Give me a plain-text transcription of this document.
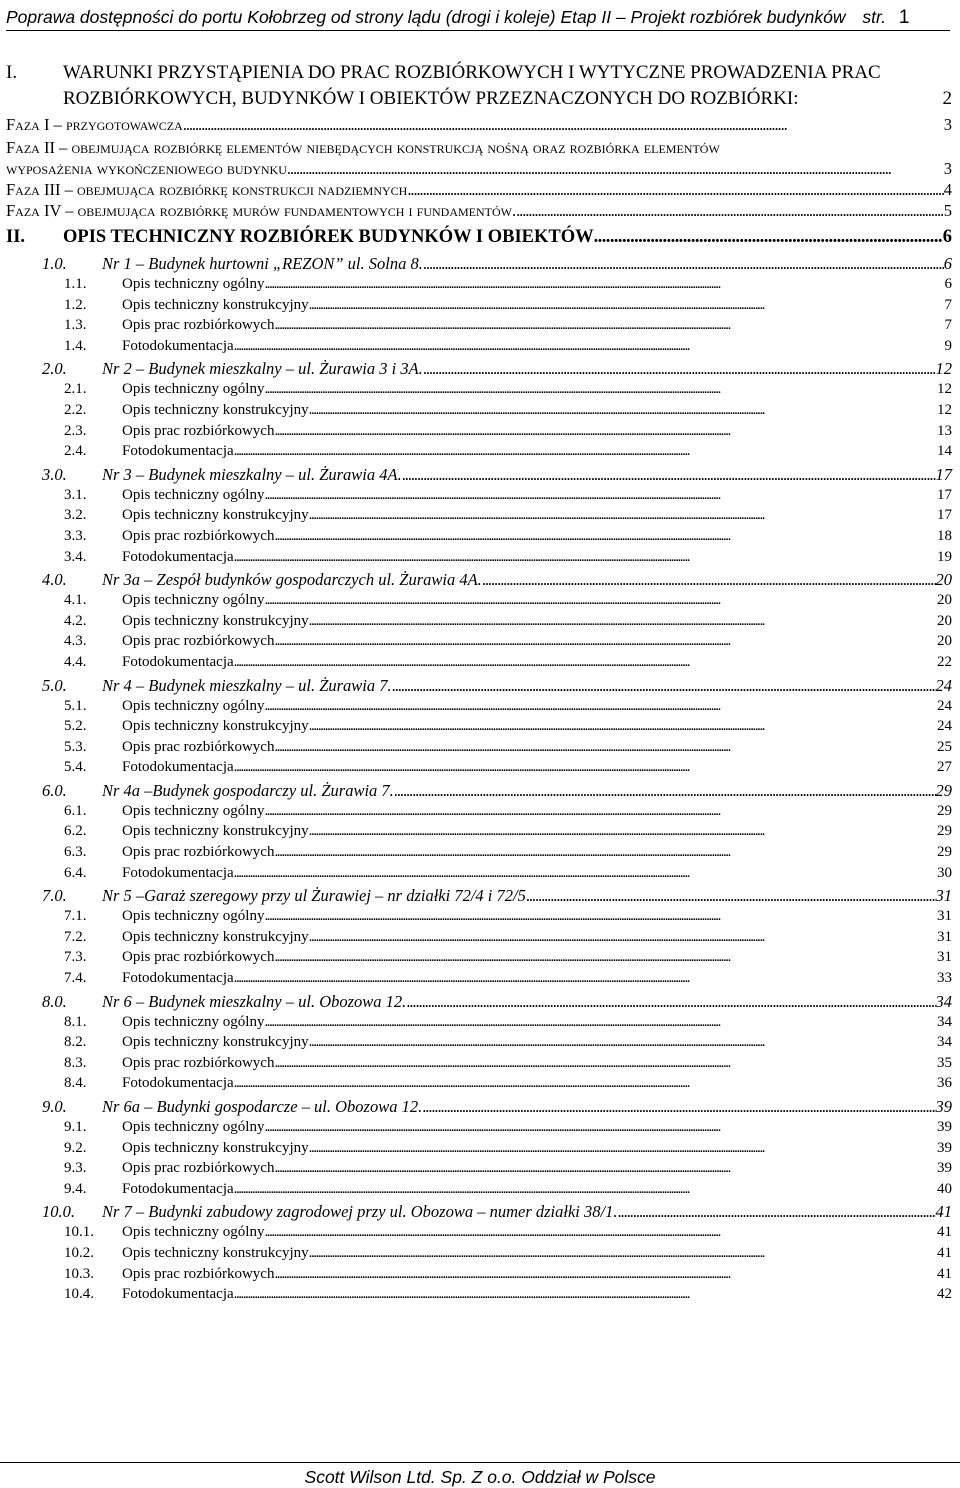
Poprawa dostępności do portu Kołobrzeg od strony lądu (drogi i koleje) Etap II – Projekt rozbiórek budynków str. 1
I.	WARUNKI PRZYSTĄPIENIA DO PRAC ROZBIÓRKOWYCH I WYTYCZNE PROWADZENIA PRAC ROZBIÓRKOWYCH, BUDYNKÓW I OBIEKTÓW PRZEZNACZONYCH DO ROZBIÓRKI:	2
Faza I – przygotowawcza . . .	3
Faza II – obejmująca rozbiórkę elementów niebędących konstrukcją nośną oraz rozbiórka elementów
wyposażenia wykończeniowego budynku . . .	3
Faza III – obejmująca rozbiórkę konstrukcji nadziemnych . . .	4
Faza IV – obejmująca rozbiórkę murów fundamentowych i fundamentów. . . .	5
II.	OPIS TECHNICZNY ROZBIÓREK BUDYNKÓW I OBIEKTÓW . . .	6
1.0.	Nr 1 – Budynek hurtowni „REZON” ul. Solna 8. . . .	6
1.1.	Opis techniczny ogólny . . .	6
1.2.	Opis techniczny konstrukcyjny . . .	7
1.3.	Opis prac rozbiórkowych . . .	7
1.4.	Fotodokumentacja . . .	9
2.0.	Nr 2 – Budynek mieszkalny – ul. Żurawia 3 i 3A. . . .	12
2.1.	Opis techniczny ogólny . . .	12
2.2.	Opis techniczny konstrukcyjny . . .	12
2.3.	Opis prac rozbiórkowych . . .	13
2.4.	Fotodokumentacja . . .	14
3.0.	Nr 3 – Budynek mieszkalny – ul. Żurawia 4A. . . .	17
3.1.	Opis techniczny ogólny . . .	17
3.2.	Opis techniczny konstrukcyjny . . .	17
3.3.	Opis prac rozbiórkowych . . .	18
3.4.	Fotodokumentacja . . .	19
4.0.	Nr 3a – Zespół budynków gospodarczych ul. Żurawia 4A. . . .	20
4.1.	Opis techniczny ogólny . . .	20
4.2.	Opis techniczny konstrukcyjny . . .	20
4.3.	Opis prac rozbiórkowych . . .	20
4.4.	Fotodokumentacja . . .	22
5.0.	Nr 4 – Budynek mieszkalny – ul. Żurawia 7. . . .	24
5.1.	Opis techniczny ogólny . . .	24
5.2.	Opis techniczny konstrukcyjny . . .	24
5.3.	Opis prac rozbiórkowych . . .	25
5.4.	Fotodokumentacja . . .	27
6.0.	Nr 4a –Budynek gospodarczy ul. Żurawia 7. . . .	29
6.1.	Opis techniczny ogólny . . .	29
6.2.	Opis techniczny konstrukcyjny . . .	29
6.3.	Opis prac rozbiórkowych . . .	29
6.4.	Fotodokumentacja . . .	30
7.0.	Nr 5 –Garaż szeregowy przy ul Żurawiej – nr działki 72/4 i 72/5 . . .	31
7.1.	Opis techniczny ogólny . . .	31
7.2.	Opis techniczny konstrukcyjny . . .	31
7.3.	Opis prac rozbiórkowych . . .	31
7.4.	Fotodokumentacja . . .	33
8.0.	Nr 6 – Budynek mieszkalny – ul. Obozowa 12. . . .	34
8.1.	Opis techniczny ogólny . . .	34
8.2.	Opis techniczny konstrukcyjny . . .	34
8.3.	Opis prac rozbiórkowych . . .	35
8.4.	Fotodokumentacja . . .	36
9.0.	Nr 6a – Budynki gospodarcze – ul. Obozowa 12. . . .	39
9.1.	Opis techniczny ogólny . . .	39
9.2.	Opis techniczny konstrukcyjny . . .	39
9.3.	Opis prac rozbiórkowych . . .	39
9.4.	Fotodokumentacja . . .	40
10.0.	Nr 7 – Budynki zabudowy zagrodowej przy ul. Obozowa – numer działki 38/1. . . .	41
10.1.	Opis techniczny ogólny . . .	41
10.2.	Opis techniczny konstrukcyjny . . .	41
10.3.	Opis prac rozbiórkowych . . .	41
10.4.	Fotodokumentacja . . .	42
Scott Wilson Ltd. Sp. Z o.o. Oddział w Polsce
